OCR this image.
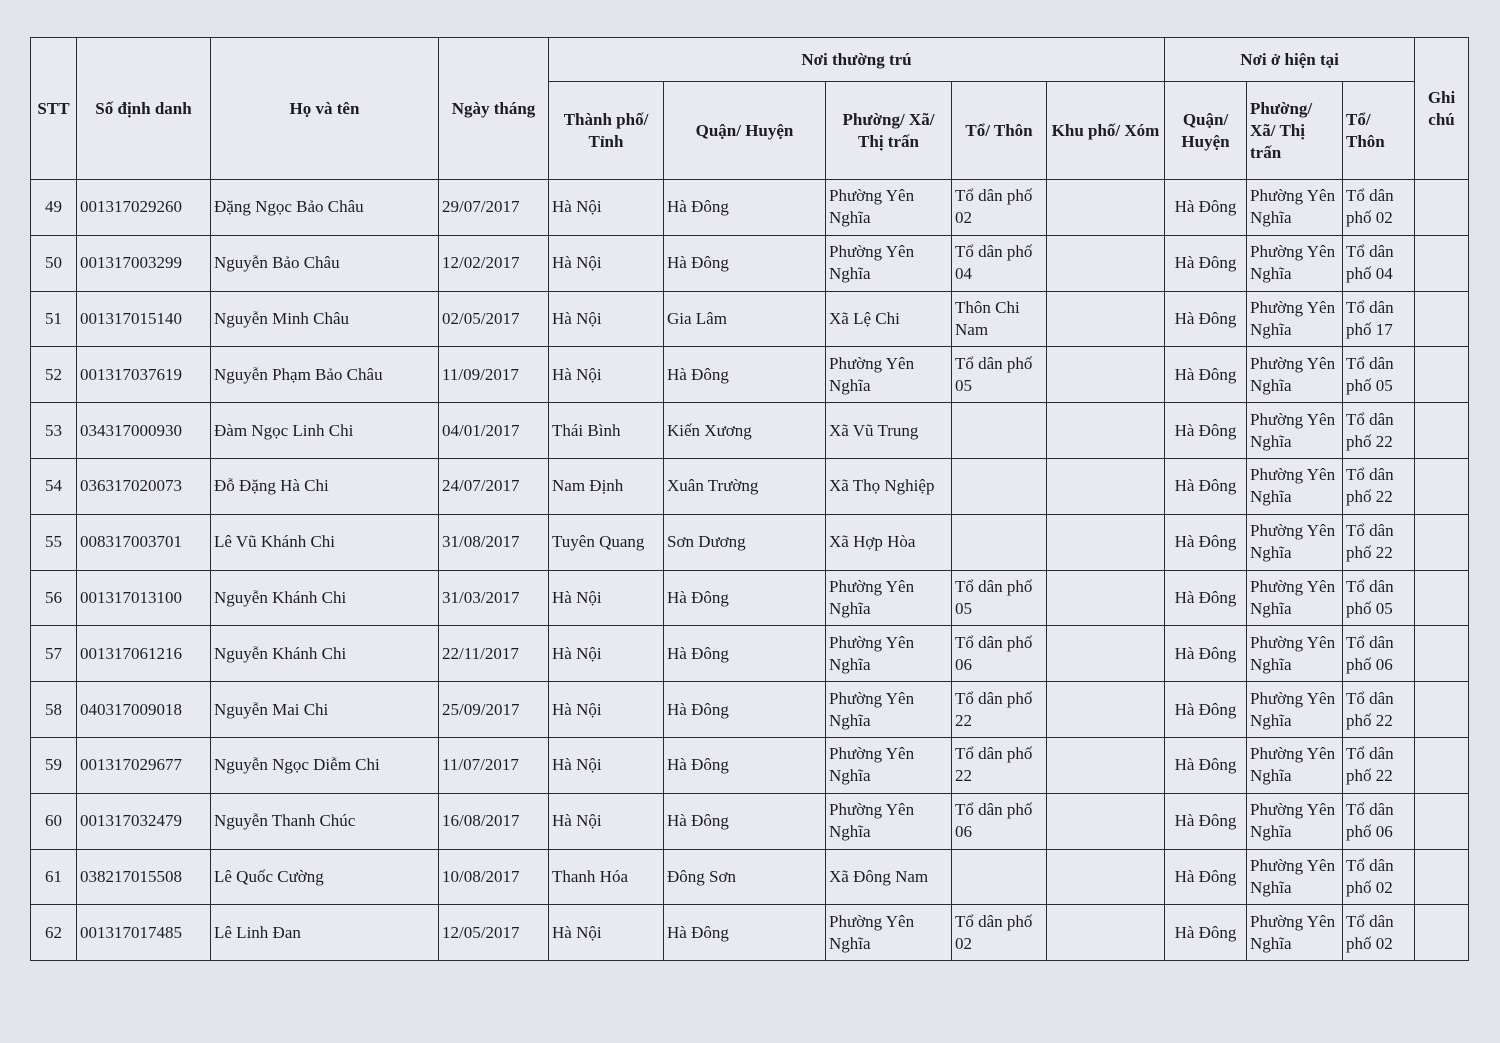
STT	Số định danh	Họ và tên	Ngày tháng	Nơi thường trú					Nơi ở hiện tại			Ghi chú
				Thành phố/ Tỉnh	Quận/ Huyện	Phường/ Xã/ Thị trấn	Tổ/ Thôn	Khu phố/ Xóm	Quận/ Huyện	Phường/ Xã/ Thị trấn	Tổ/ Thôn	
49	001317029260	Đặng Ngọc Bảo Châu	29/07/2017	Hà Nội	Hà Đông	Phường Yên Nghĩa	Tổ dân phố 02		Hà Đông	Phường Yên Nghĩa	Tổ dân phố 02	
50	001317003299	Nguyễn Bảo Châu	12/02/2017	Hà Nội	Hà Đông	Phường Yên Nghĩa	Tổ dân phố 04		Hà Đông	Phường Yên Nghĩa	Tổ dân phố 04	
51	001317015140	Nguyễn Minh Châu	02/05/2017	Hà Nội	Gia Lâm	Xã Lệ Chi	Thôn Chi Nam		Hà Đông	Phường Yên Nghĩa	Tổ dân phố 17	
52	001317037619	Nguyễn Phạm Bảo Châu	11/09/2017	Hà Nội	Hà Đông	Phường Yên Nghĩa	Tổ dân phố 05		Hà Đông	Phường Yên Nghĩa	Tổ dân phố 05	
53	034317000930	Đàm Ngọc Linh Chi	04/01/2017	Thái Bình	Kiến Xương	Xã Vũ Trung			Hà Đông	Phường Yên Nghĩa	Tổ dân phố 22	
54	036317020073	Đỗ Đặng Hà Chi	24/07/2017	Nam Định	Xuân Trường	Xã Thọ Nghiệp			Hà Đông	Phường Yên Nghĩa	Tổ dân phố 22	
55	008317003701	Lê Vũ Khánh Chi	31/08/2017	Tuyên Quang	Sơn Dương	Xã Hợp Hòa			Hà Đông	Phường Yên Nghĩa	Tổ dân phố 22	
56	001317013100	Nguyễn Khánh Chi	31/03/2017	Hà Nội	Hà Đông	Phường Yên Nghĩa	Tổ dân phố 05		Hà Đông	Phường Yên Nghĩa	Tổ dân phố 05	
57	001317061216	Nguyễn Khánh Chi	22/11/2017	Hà Nội	Hà Đông	Phường Yên Nghĩa	Tổ dân phố 06		Hà Đông	Phường Yên Nghĩa	Tổ dân phố 06	
58	040317009018	Nguyễn Mai Chi	25/09/2017	Hà Nội	Hà Đông	Phường Yên Nghĩa	Tổ dân phố 22		Hà Đông	Phường Yên Nghĩa	Tổ dân phố 22	
59	001317029677	Nguyễn Ngọc Diễm Chi	11/07/2017	Hà Nội	Hà Đông	Phường Yên Nghĩa	Tổ dân phố 22		Hà Đông	Phường Yên Nghĩa	Tổ dân phố 22	
60	001317032479	Nguyễn Thanh Chúc	16/08/2017	Hà Nội	Hà Đông	Phường Yên Nghĩa	Tổ dân phố 06		Hà Đông	Phường Yên Nghĩa	Tổ dân phố 06	
61	038217015508	Lê Quốc Cường	10/08/2017	Thanh Hóa	Đông Sơn	Xã Đông Nam			Hà Đông	Phường Yên Nghĩa	Tổ dân phố 02	
62	001317017485	Lê Linh Đan	12/05/2017	Hà Nội	Hà Đông	Phường Yên Nghĩa	Tổ dân phố 02		Hà Đông	Phường Yên Nghĩa	Tổ dân phố 02	
